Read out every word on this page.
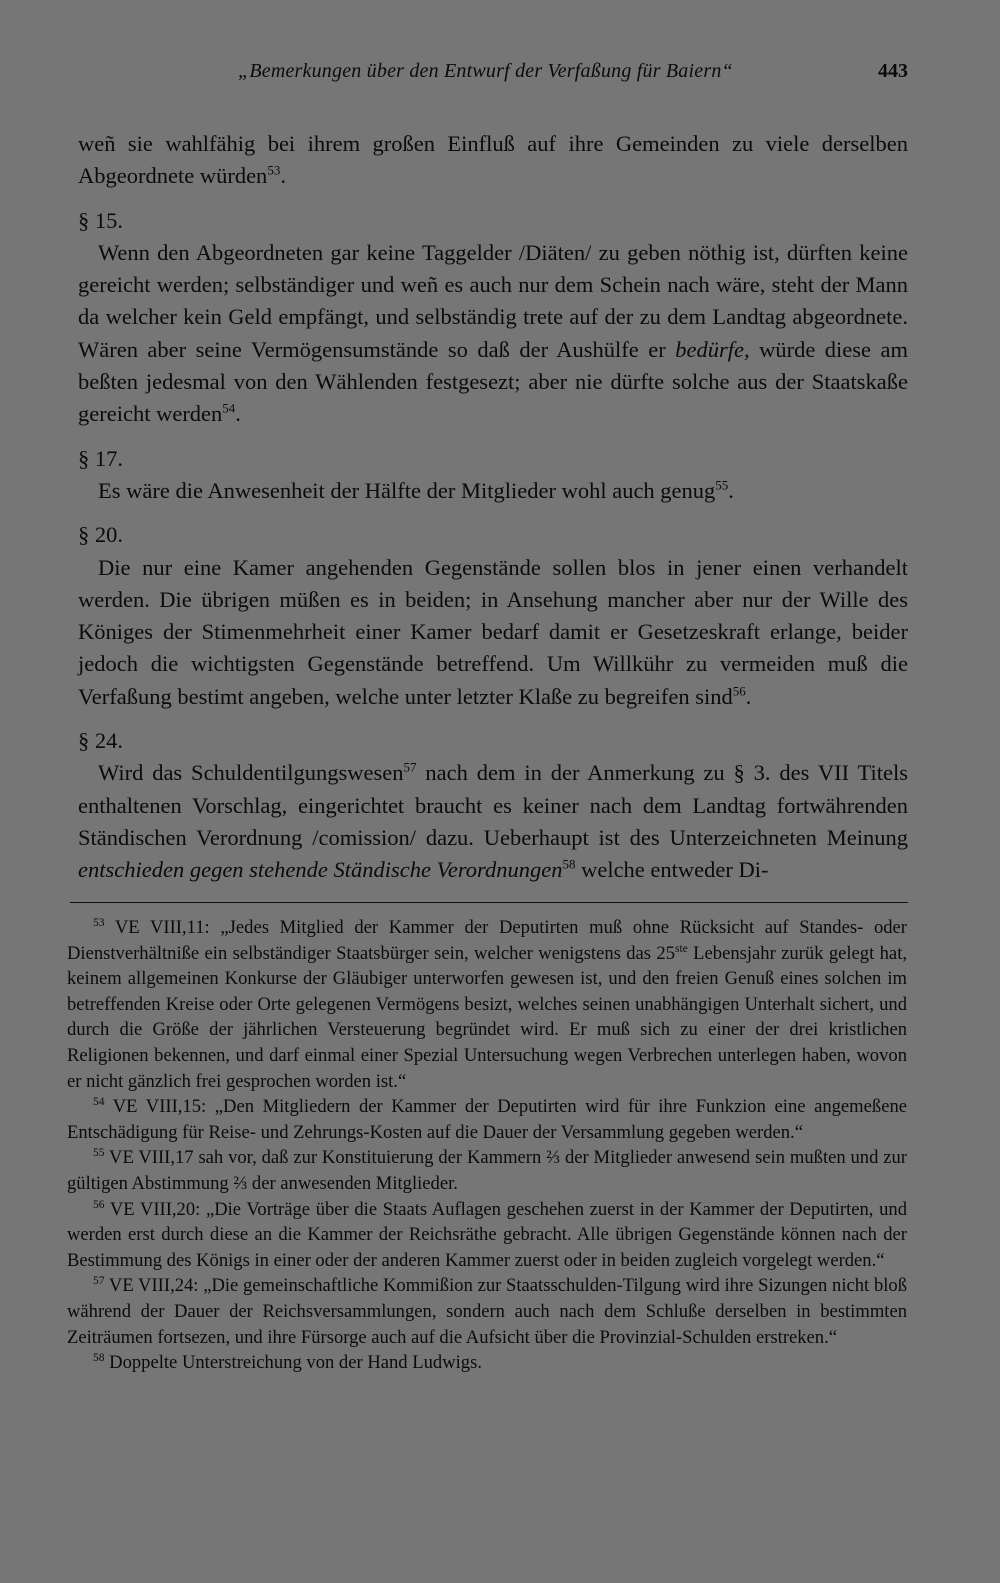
„Bemerkungen über den Entwurf der Verfaßung für Baiern“	443

weñ sie wahlfähig bei ihrem großen Einfluß auf ihre Gemeinden zu viele derselben Abgeordnete würden$^{53}$.

§ 15.

Wenn den Abgeordneten gar keine Taggelder /Diäten/ zu geben nöthig ist, dürften keine gereicht werden; selbständiger und weñ es auch nur dem Schein nach wäre, steht der Mann da welcher kein Geld empfängt, und selbständig trete auf der zu dem Landtag abgeordnete. Wären aber seine Vermögensumstände so daß der Aushülfe er bedürfe, würde diese am beßten jedesmal von den Wählenden festgesezt; aber nie dürfte solche aus der Staatskaße gereicht werden$^{54}$.

§ 17.

Es wäre die Anwesenheit der Hälfte der Mitglieder wohl auch genug$^{55}$.

§ 20.

Die nur eine Kamer angehenden Gegenstände sollen blos in jener einen verhandelt werden. Die übrigen müßen es in beiden; in Ansehung mancher aber nur der Wille des Königes der Stimenmehrheit einer Kamer bedarf damit er Gesetzeskraft erlange, beider jedoch die wichtigsten Gegenstände betreffend. Um Willkühr zu vermeiden muß die Verfaßung bestimt angeben, welche unter letzter Klaße zu begreifen sind$^{56}$.

§ 24.

Wird das Schuldentilgungswesen$^{57}$ nach dem in der Anmerkung zu § 3. des VII Titels enthaltenen Vorschlag, eingerichtet braucht es keiner nach dem Landtag fortwährenden Ständischen Verordnung /comission/ dazu. Ueberhaupt ist des Unterzeichneten Meinung entschieden gegen stehende Ständische Verordnungen$^{58}$ welche entweder Di-

$^{53}$ VE VIII,11: „Jedes Mitglied der Kammer der Deputirten muß ohne Rücksicht auf Standes- oder Dienstverhältniße ein selbständiger Staatsbürger sein, welcher wenigstens das 25ste Lebensjahr zurük gelegt hat, keinem allgemeinen Konkurse der Gläubiger unterworfen gewesen ist, und den freien Genuß eines solchen im betreffenden Kreise oder Orte gelegenen Vermögens besizt, welches seinen unabhängigen Unterhalt sichert, und durch die Größe der jährlichen Versteuerung begründet wird. Er muß sich zu einer der drei kristlichen Religionen bekennen, und darf einmal einer Spezial Untersuchung wegen Verbrechen unterlegen haben, wovon er nicht gänzlich frei gesprochen worden ist.“

$^{54}$ VE VIII,15: „Den Mitgliedern der Kammer der Deputirten wird für ihre Funkzion eine angemeßene Entschädigung für Reise- und Zehrungs-Kosten auf die Dauer der Versammlung gegeben werden.“

$^{55}$ VE VIII,17 sah vor, daß zur Konstituierung der Kammern ⅔ der Mitglieder anwesend sein mußten und zur gültigen Abstimmung ⅔ der anwesenden Mitglieder.

$^{56}$ VE VIII,20: „Die Vorträge über die Staats Auflagen geschehen zuerst in der Kammer der Deputirten, und werden erst durch diese an die Kammer der Reichsräthe gebracht. Alle übrigen Gegenstände können nach der Bestimmung des Königs in einer oder der anderen Kammer zuerst oder in beiden zugleich vorgelegt werden.“

$^{57}$ VE VIII,24: „Die gemeinschaftliche Kommißion zur Staatsschulden-Tilgung wird ihre Sizungen nicht bloß während der Dauer der Reichsversammlungen, sondern auch nach dem Schluße derselben in bestimmten Zeiträumen fortsezen, und ihre Fürsorge auch auf die Aufsicht über die Provinzial-Schulden erstreken.“

$^{58}$ Doppelte Unterstreichung von der Hand Ludwigs.
